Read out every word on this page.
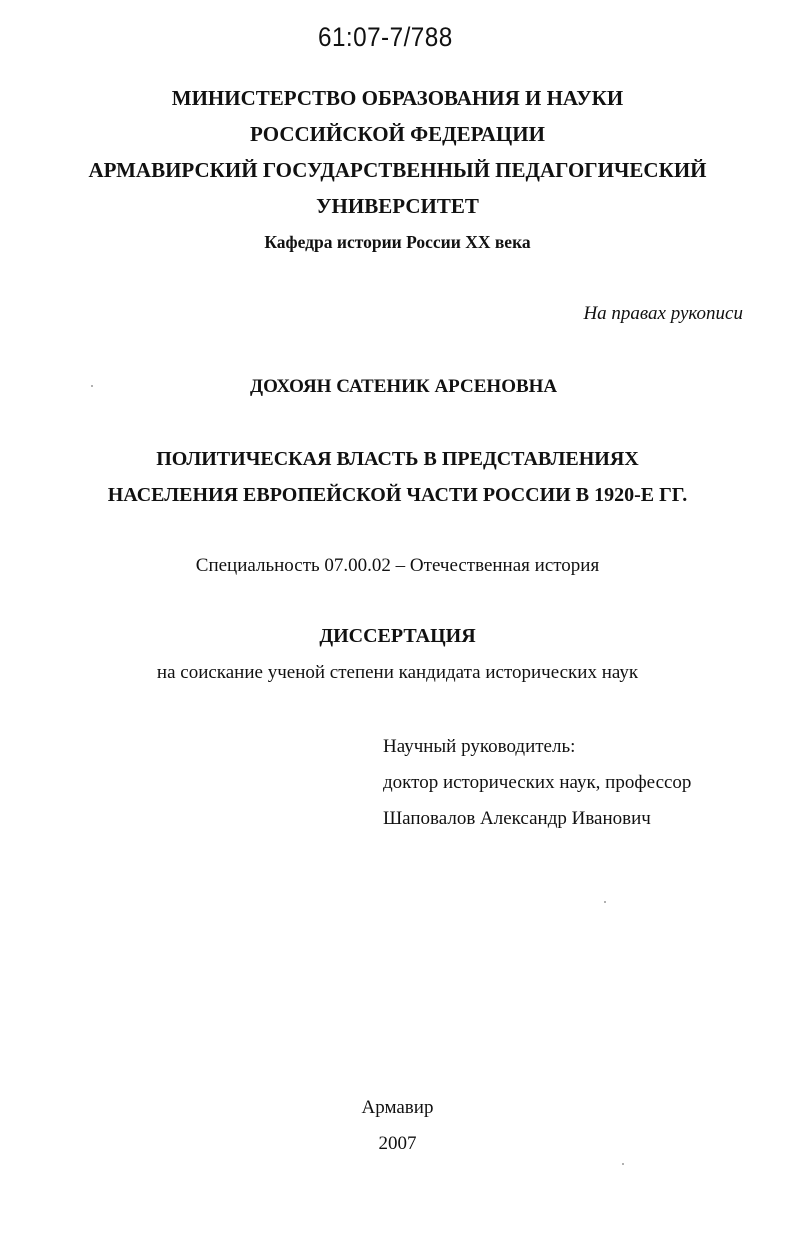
61:07-7/788
МИНИСТЕРСТВО ОБРАЗОВАНИЯ И НАУКИ
РОССИЙСКОЙ ФЕДЕРАЦИИ
АРМАВИРСКИЙ ГОСУДАРСТВЕННЫЙ ПЕДАГОГИЧЕСКИЙ
УНИВЕРСИТЕТ
Кафедра истории России XX века
На правах рукописи
ДОХОЯН САТЕНИК АРСЕНОВНА
ПОЛИТИЧЕСКАЯ ВЛАСТЬ В ПРЕДСТАВЛЕНИЯХ
НАСЕЛЕНИЯ ЕВРОПЕЙСКОЙ ЧАСТИ РОССИИ В 1920-Е ГГ.
Специальность 07.00.02 – Отечественная история
ДИССЕРТАЦИЯ
на соискание ученой степени кандидата исторических наук
Научный руководитель:
доктор исторических наук, профессор
Шаповалов Александр Иванович
Армавир
2007
